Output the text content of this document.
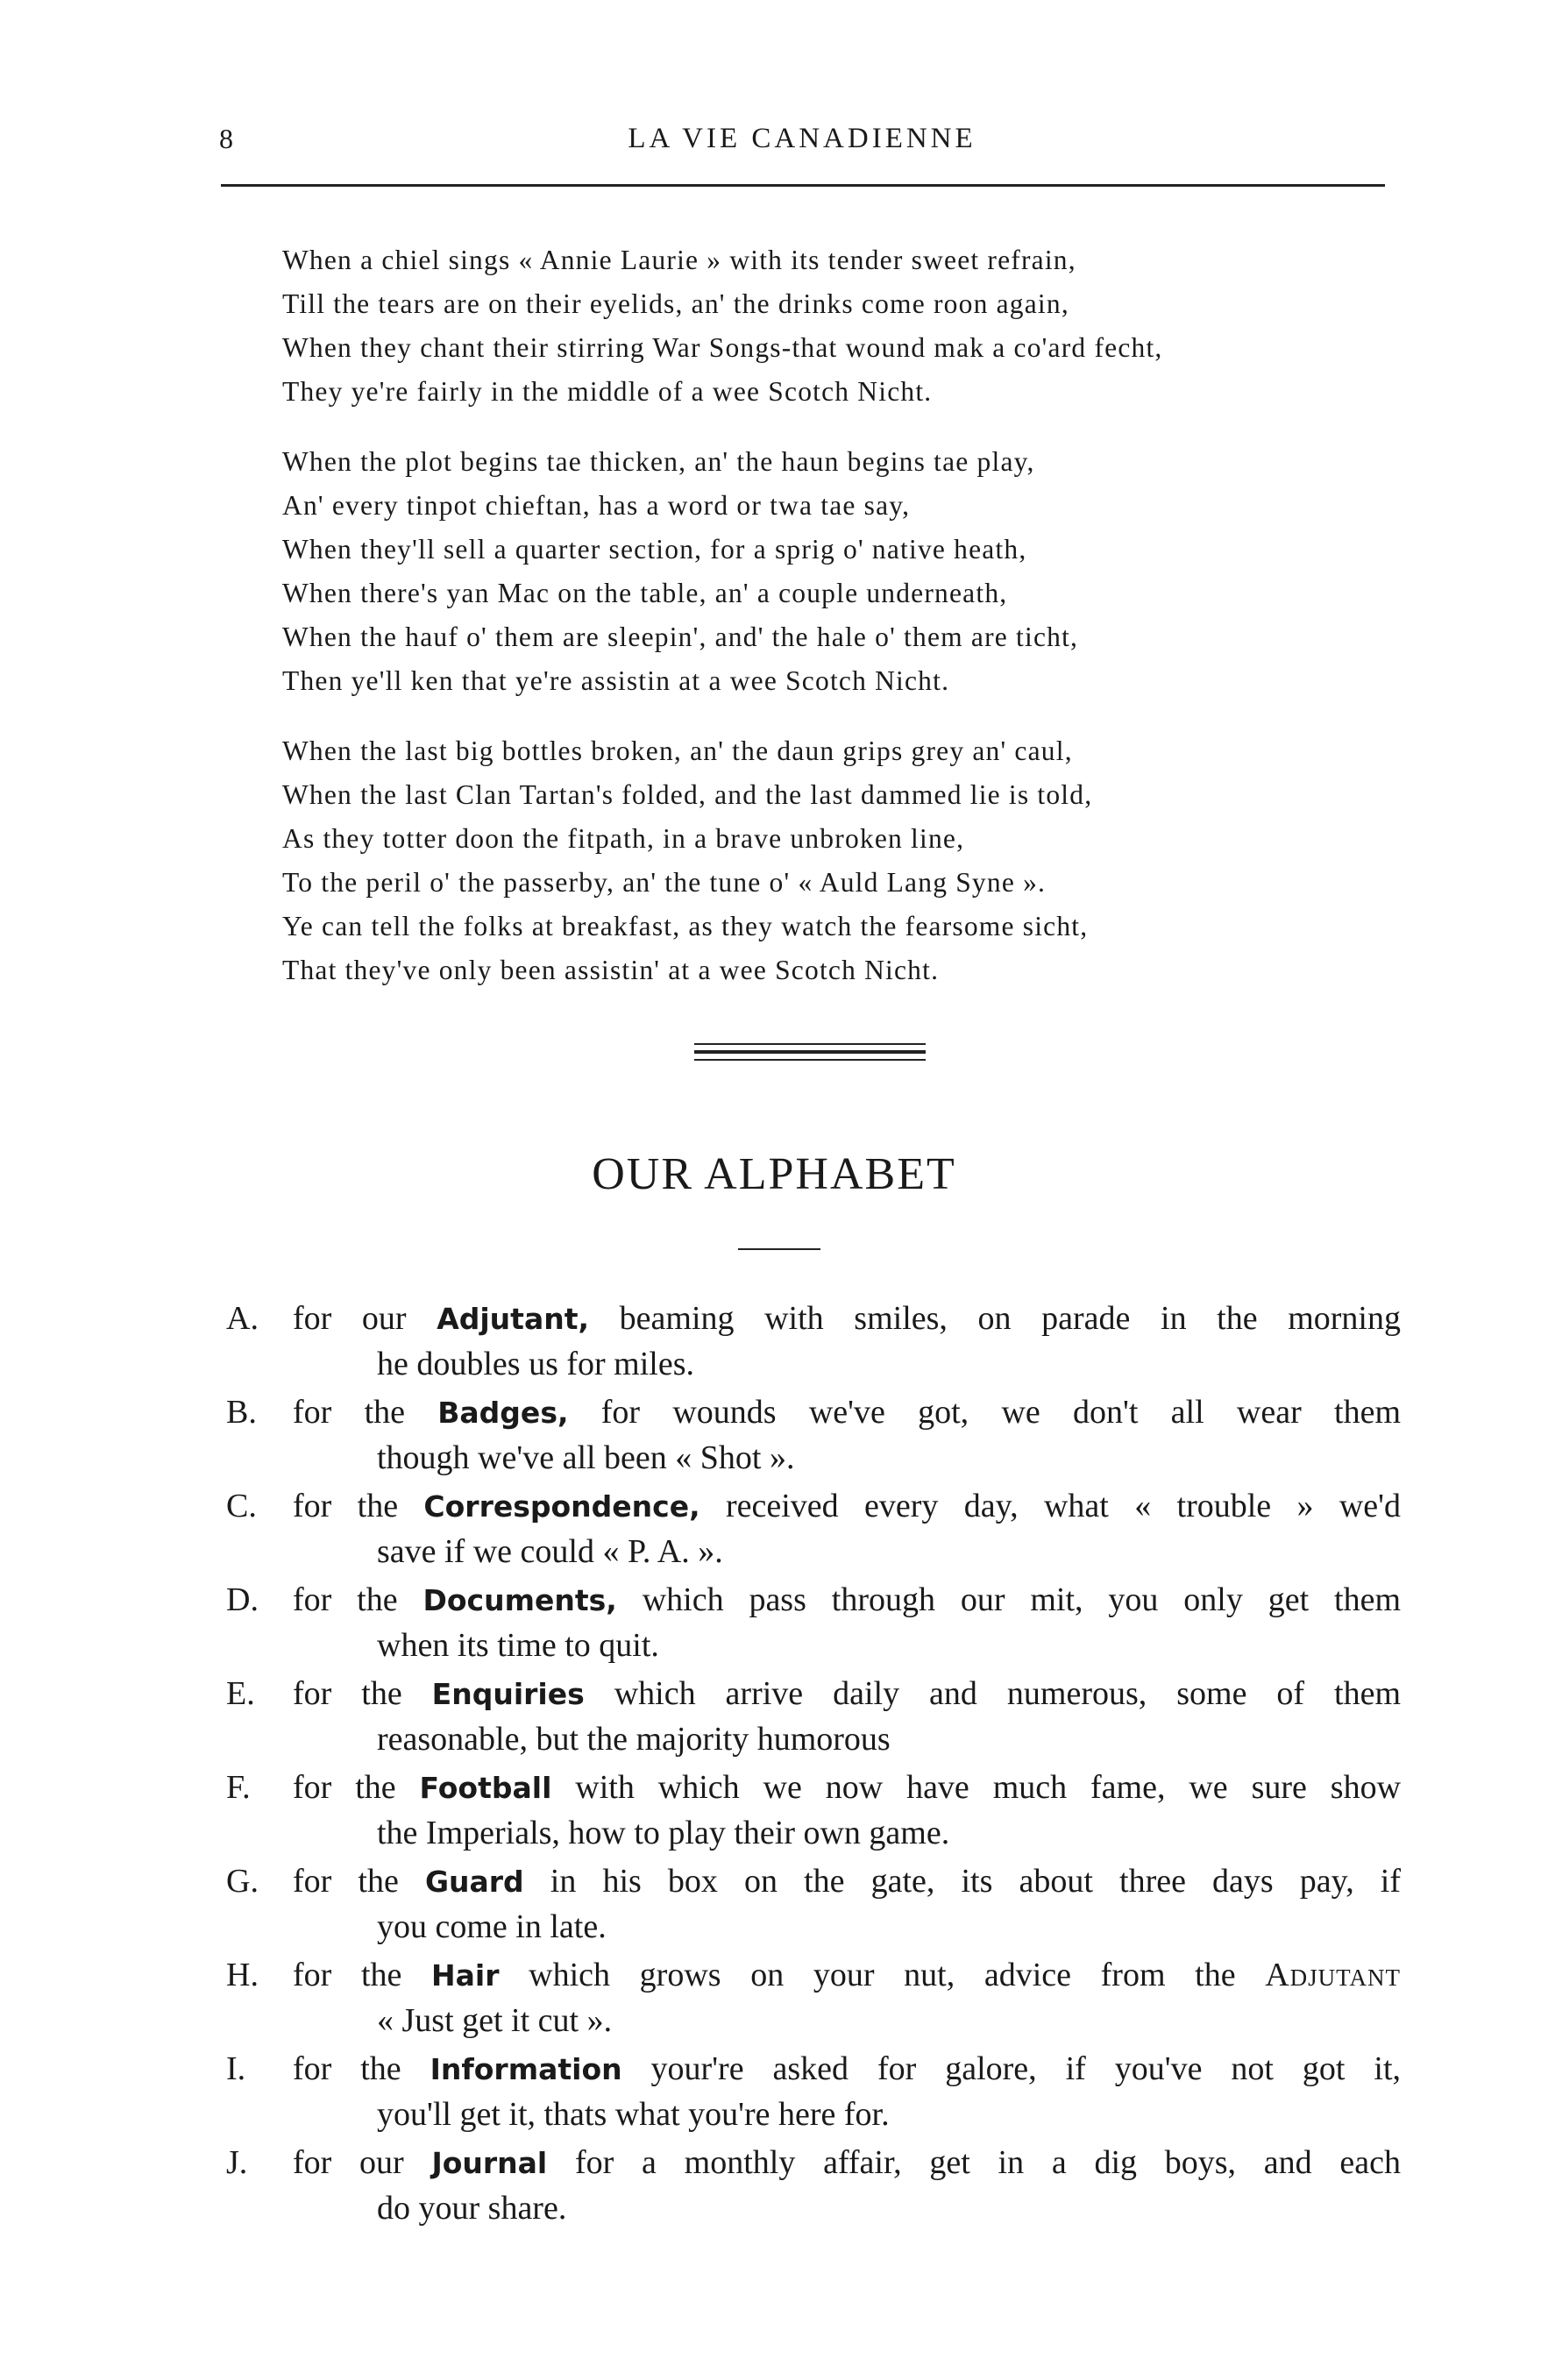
8	LA VIE CANADIENNE
When a chiel sings « Annie Laurie » with its tender sweet refrain,
Till the tears are on their eyelids, an' the drinks come roon again,
When they chant their stirring War Songs-that wound mak a co'ard fecht,
They ye're fairly in the middle of a wee Scotch Nicht.
When the plot begins tae thicken, an' the haun begins tae play,
An' every tinpot chieftan, has a word or twa tae say,
When they'll sell a quarter section, for a sprig o' native heath,
When there's yan Mac on the table, an' a couple underneath,
When the hauf o' them are sleepin', and' the hale o' them are ticht,
Then ye'll ken that ye're assistin at a wee Scotch Nicht.
When the last big bottles broken, an' the daun grips grey an' caul,
When the last Clan Tartan's folded, and the last dammed lie is told,
As they totter doon the fitpath, in a brave unbroken line,
To the peril o' the passerby, an' the tune o' « Auld Lang Syne ».
Ye can tell the folks at breakfast, as they watch the fearsome sicht,
That they've only been assistin' at a wee Scotch Nicht.
OUR ALPHABET
A. for our Adjutant, beaming with smiles, on parade in the morning
he doubles us for miles.
B. for the Badges, for wounds we've got, we don't all wear them
though we've all been « Shot ».
C. for the Correspondence, received every day, what « trouble » we'd
save if we could « P. A. ».
D. for the Documents, which pass through our mit, you only get them
when its time to quit.
E. for the Enquiries which arrive daily and numerous, some of them
reasonable, but the majority humorous
F. for the Football with which we now have much fame, we sure show
the Imperials, how to play their own game.
G. for the Guard in his box on the gate, its about three days pay, if
you come in late.
H. for the Hair which grows on your nut, advice from the Adjutant
« Just get it cut ».
I. for the Information your're asked for galore, if you've not got it,
you'll get it, thats what you're here for.
J. for our Journal for a monthly affair, get in a dig boys, and each
do your share.
